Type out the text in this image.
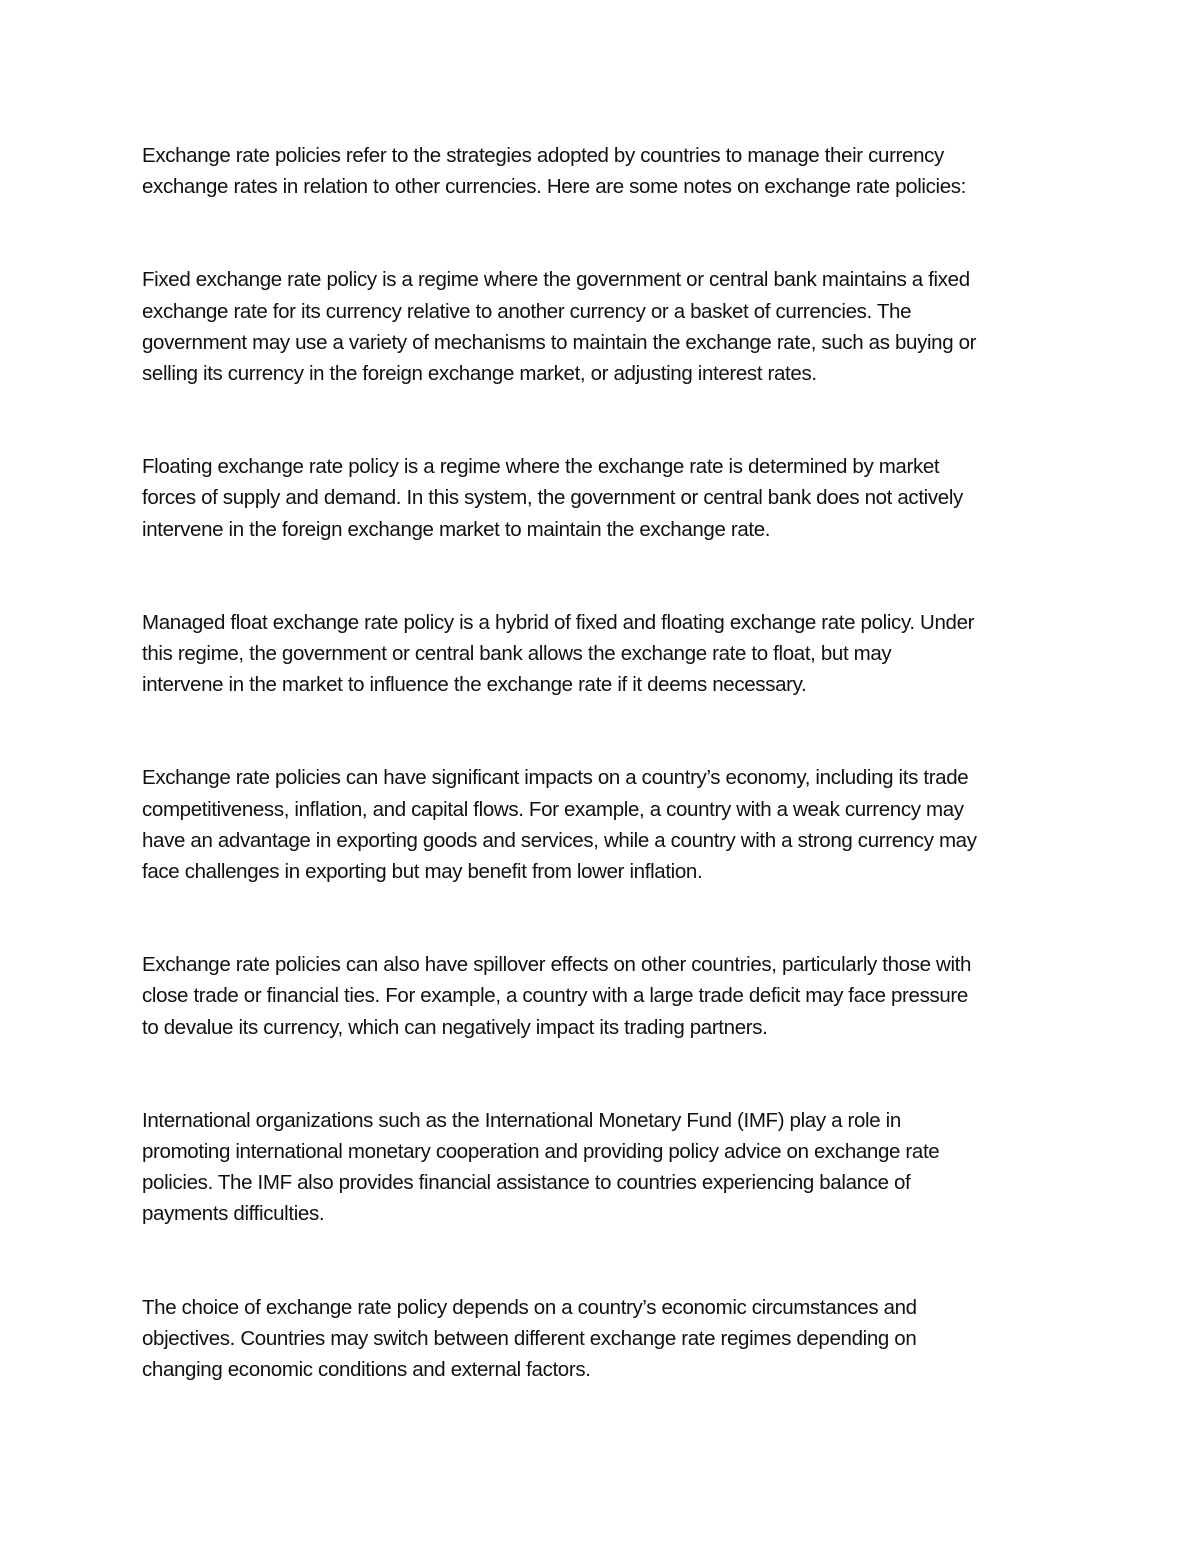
Exchange rate policies refer to the strategies adopted by countries to manage their currency
exchange rates in relation to other currencies. Here are some notes on exchange rate policies:
Fixed exchange rate policy is a regime where the government or central bank maintains a fixed
exchange rate for its currency relative to another currency or a basket of currencies. The
government may use a variety of mechanisms to maintain the exchange rate, such as buying or
selling its currency in the foreign exchange market, or adjusting interest rates.
Floating exchange rate policy is a regime where the exchange rate is determined by market
forces of supply and demand. In this system, the government or central bank does not actively
intervene in the foreign exchange market to maintain the exchange rate.
Managed float exchange rate policy is a hybrid of fixed and floating exchange rate policy. Under
this regime, the government or central bank allows the exchange rate to float, but may
intervene in the market to influence the exchange rate if it deems necessary.
Exchange rate policies can have significant impacts on a country’s economy, including its trade
competitiveness, inflation, and capital flows. For example, a country with a weak currency may
have an advantage in exporting goods and services, while a country with a strong currency may
face challenges in exporting but may benefit from lower inflation.
Exchange rate policies can also have spillover effects on other countries, particularly those with
close trade or financial ties. For example, a country with a large trade deficit may face pressure
to devalue its currency, which can negatively impact its trading partners.
International organizations such as the International Monetary Fund (IMF) play a role in
promoting international monetary cooperation and providing policy advice on exchange rate
policies. The IMF also provides financial assistance to countries experiencing balance of
payments difficulties.
The choice of exchange rate policy depends on a country’s economic circumstances and
objectives. Countries may switch between different exchange rate regimes depending on
changing economic conditions and external factors.
